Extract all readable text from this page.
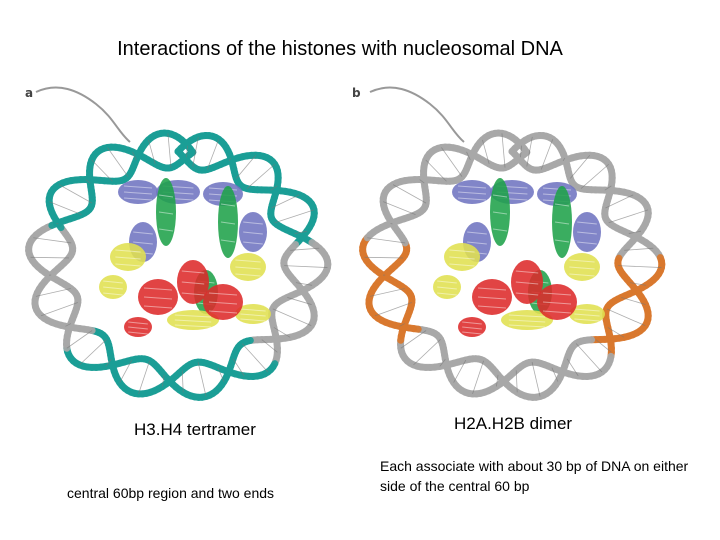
Interactions of the histones with nucleosomal DNA
a	b
H3.H4 tertramer	H2A.H2B dimer
central 60bp region and two ends
Each associate with about 30 bp of DNA on either side of the central 60 bp
